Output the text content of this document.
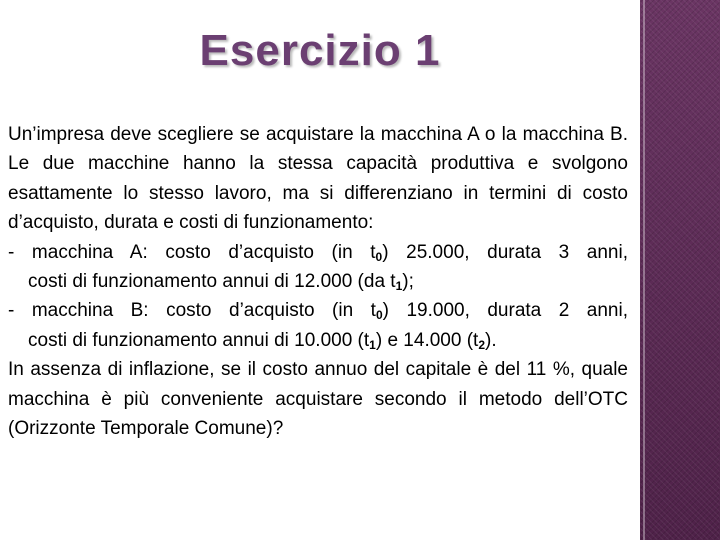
Esercizio 1

Un’impresa deve scegliere se acquistare la macchina A o la macchina B. Le due macchine hanno la stessa capacità produttiva e svolgono esattamente lo stesso lavoro, ma si differenziano in termini di costo d’acquisto, durata e costi di funzionamento:

- macchina A: costo d’acquisto (in $t_0$) 25.000, durata 3 anni,
costi di funzionamento annui di 12.000 (da $t_1$);
- macchina B: costo d’acquisto (in $t_0$) 19.000, durata 2 anni,
costi di funzionamento annui di 10.000 $(t_1)$ e 14.000 $(t_2)$.

In assenza di inflazione, se il costo annuo del capitale è del 11 %, quale macchina è più conveniente acquistare secondo il metodo dell’OTC (Orizzonte Temporale Comune)?
